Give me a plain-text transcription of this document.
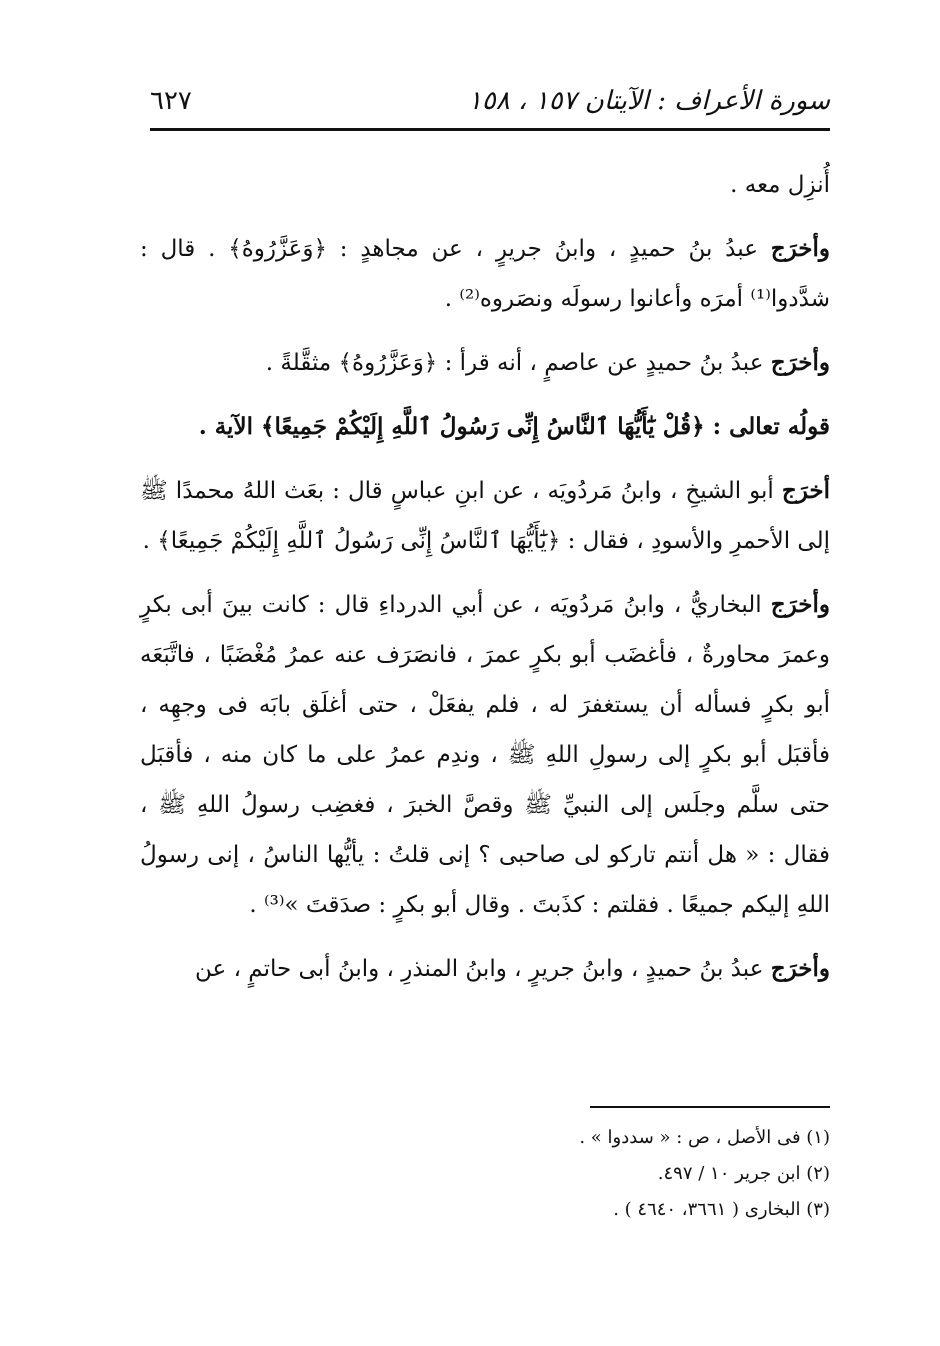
٦٢٧	سورة الأعراف : الآيتان ١٥٧ ، ١٥٨

أُنزِل معه .

وأخرَج عبدُ بنُ حميدٍ ، وابنُ جريرٍ ، عن مجاهدٍ : ﴿وَعَزَّرُوهُ﴾ . قال : شدَّدوا⁽¹⁾ أمرَه وأعانوا رسولَه ونصَروه⁽²⁾ .

وأخرَج عبدُ بنُ حميدٍ عن عاصمٍ ، أنه قرأ : ﴿وَعَزَّرُوهُ﴾ مثقَّلةً .

قولُه تعالى : ﴿قُلْ يَٰٓأَيُّهَا ٱلنَّاسُ إِنِّى رَسُولُ ٱللَّهِ إِلَيْكُمْ جَمِيعًا﴾ الآية .

أخرَج أبو الشيخِ ، وابنُ مَردُويَه ، عن ابنِ عباسٍ قال : بعَث اللهُ محمدًا ﷺ إلى الأحمرِ والأسودِ ، فقال : ﴿يَٰٓأَيُّهَا ٱلنَّاسُ إِنِّى رَسُولُ ٱللَّهِ إِلَيْكُمْ جَمِيعًا﴾ .

وأخرَج البخاريُّ ، وابنُ مَردُويَه ، عن أبي الدرداءِ قال : كانت بينَ أبى بكرٍ وعمرَ محاورةٌ ، فأغضَب أبو بكرٍ عمرَ ، فانصَرَف عنه عمرُ مُغْضَبًا ، فاتَّبَعَه أبو بكرٍ فسأله أن يستغفرَ له ، فلم يفعَلْ ، حتى أغلَق بابَه فى وجهِه ، فأقبَل أبو بكرٍ إلى رسولِ اللهِ ﷺ ، وندِم عمرُ على ما كان منه ، فأقبَل حتى سلَّم وجلَس إلى النبيِّ ﷺ وقصَّ الخبرَ ، فغضِب رسولُ اللهِ ﷺ ، فقال : « هل أنتم تاركو لى صاحبى ؟ إنى قلتُ : يأيُّها الناسُ ، إنى رسولُ اللهِ إليكم جميعًا . فقلتم : كذَبتَ . وقال أبو بكرٍ : صدَقتَ »⁽³⁾ .

وأخرَج عبدُ بنُ حميدٍ ، وابنُ جريرٍ ، وابنُ المنذرِ ، وابنُ أبى حاتمٍ ، عن

(١) فى الأصل ، ص : « سددوا » .

(٢) ابن جرير ١٠ / ٤٩٧.

(٣) البخارى ( ٣٦٦١، ٤٦٤٠ ) .
